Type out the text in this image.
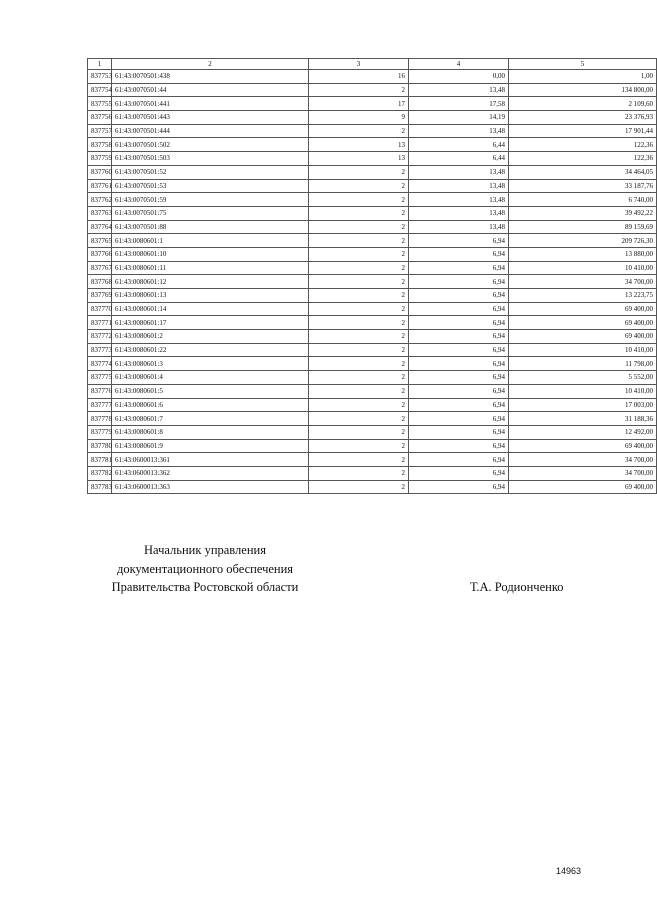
1	2	3	4	5
837753	61:43:0070501:438	16	0,00	1,00
837754	61:43:0070501:44	2	13,48	134 800,00
837755	61:43:0070501:441	17	17,58	2 109,60
837756	61:43:0070501:443	9	14,19	23 376,93
837757	61:43:0070501:444	2	13,48	17 901,44
837758	61:43:0070501:502	13	6,44	122,36
837759	61:43:0070501:503	13	6,44	122,36
837760	61:43:0070501:52	2	13,48	34 464,05
837761	61:43:0070501:53	2	13,48	33 187,76
837762	61:43:0070501:59	2	13,48	6 740,00
837763	61:43:0070501:75	2	13,48	39 492,22
837764	61:43:0070501:88	2	13,48	89 159,69
837765	61:43:0080601:1	2	6,94	209 726,30
837766	61:43:0080601:10	2	6,94	13 880,00
837767	61:43:0080601:11	2	6,94	10 410,00
837768	61:43:0080601:12	2	6,94	34 700,00
837769	61:43:0080601:13	2	6,94	13 223,75
837770	61:43:0080601:14	2	6,94	69 400,00
837771	61:43:0080601:17	2	6,94	69 400,00
837772	61:43:0080601:2	2	6,94	69 400,00
837773	61:43:0080601:22	2	6,94	10 410,00
837774	61:43:0080601:3	2	6,94	11 798,00
837775	61:43:0080601:4	2	6,94	5 552,00
837776	61:43:0080601:5	2	6,94	10 410,00
837777	61:43:0080601:6	2	6,94	17 003,00
837778	61:43:0080601:7	2	6,94	31 188,36
837779	61:43:0080601:8	2	6,94	12 492,00
837780	61:43:0080601:9	2	6,94	69 400,00
837781	61:43:0600013:361	2	6,94	34 700,00
837782	61:43:0600013:362	2	6,94	34 700,00
837783	61:43:0600013:363	2	6,94	69 400,00
Начальник управления
документационного обеспечения
Правительства Ростовской области	Т.А. Родионченко
14963
